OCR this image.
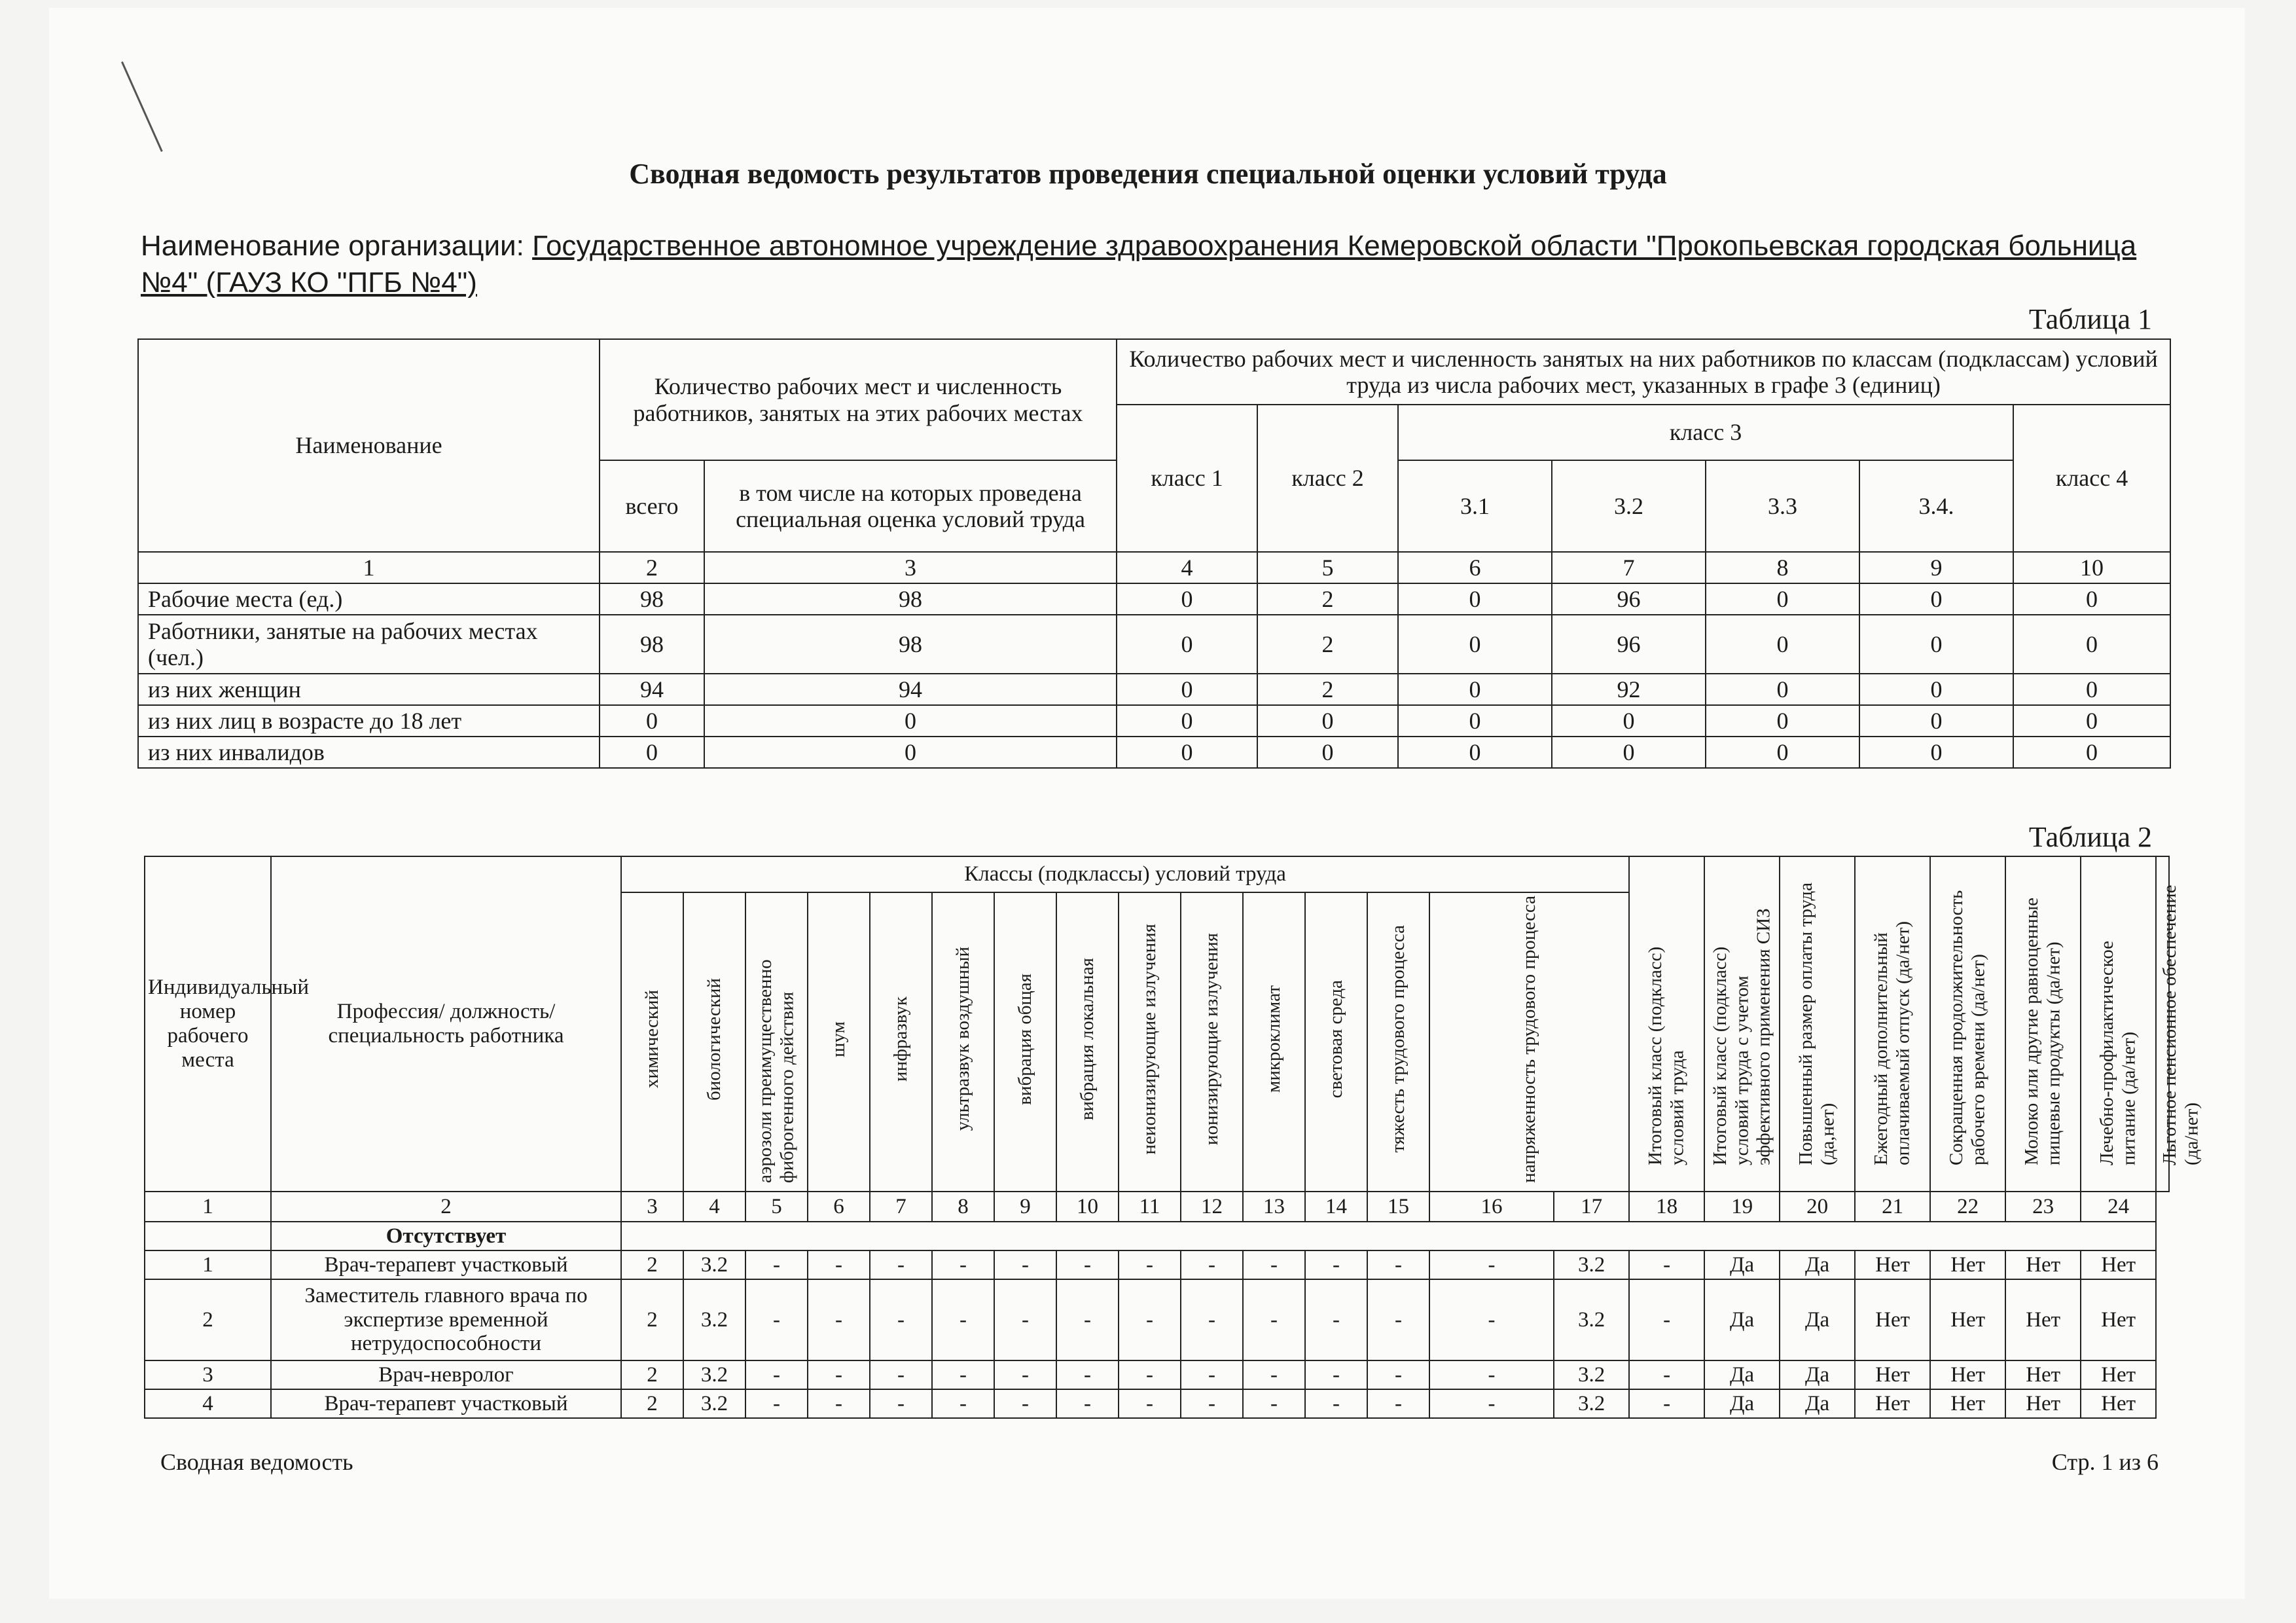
Сводная ведомость результатов проведения специальной оценки условий труда
Наименование организации: Государственное автономное учреждение здравоохранения Кемеровской области "Прокопьевская городская больница №4" (ГАУЗ КО "ПГБ №4")
Таблица 1
Наименование	Количество рабочих мест и численность работников, занятых на этих рабочих местах		Количество рабочих мест и численность занятых на них работников по классам (подклассам) условий труда из числа рабочих мест, указанных в графе 3 (единиц)						
			класс 1	класс 2	класс 3				класс 4
	всего	в том числе на которых проведена специальная оценка условий труда			3.1	3.2	3.3	3.4.	
1	2	3	4	5	6	7	8	9	10
Рабочие места (ед.)	98	98	0	2	0	96	0	0	0
Работники, занятые на рабочих местах (чел.)	98	98	0	2	0	96	0	0	0
из них женщин	94	94	0	2	0	92	0	0	0
из них лиц в возрасте до 18 лет	0	0	0	0	0	0	0	0	0
из них инвалидов	0	0	0	0	0	0	0	0	0
Таблица 2
Индивидуальный номер рабочего места	Профессия/ должность/ специальность работника	Классы (подклассы) условий труда															Итоговый класс (подкласс) условий труда	Итоговый класс (подкласс) условий труда с учетом эффективного применения СИЗ	Повышенный размер оплаты труда (да,нет)	Ежегодный дополнительный оплачиваемый отпуск (да/нет)	Сокращенная продолжительность рабочего времени (да/нет)	Молоко или другие равноценные пищевые продукты (да/нет)	Лечебно-профилактическое питание (да/нет)	Льготное пенсионное обеспечение (да/нет)
		химический	биологический	аэрозоли преимущественно фиброгенного действия	шум	инфразвук	ультразвук воздушный	вибрация общая	вибрация локальная	неионизирующие излучения	ионизирующие излучения	микроклимат	световая среда	тяжесть трудового процесса	напряженность трудового процесса									
1	2	3	4	5	6	7	8	9	10	11	12	13	14	15	16	17	18	19	20	21	22	23	24	
	Отсутствует																							
1	Врач-терапевт участковый	2	3.2	-	-	-	-	-	-	-	-	-	-	-	-	3.2	-	Да	Да	Нет	Нет	Нет	Нет	
2	Заместитель главного врача по экспертизе временной нетрудоспособности	2	3.2	-	-	-	-	-	-	-	-	-	-	-	-	3.2	-	Да	Да	Нет	Нет	Нет	Нет	
3	Врач-невролог	2	3.2	-	-	-	-	-	-	-	-	-	-	-	-	3.2	-	Да	Да	Нет	Нет	Нет	Нет	
4	Врач-терапевт участковый	2	3.2	-	-	-	-	-	-	-	-	-	-	-	-	3.2	-	Да	Да	Нет	Нет	Нет	Нет	
Сводная ведомость	Стр. 1 из 6
